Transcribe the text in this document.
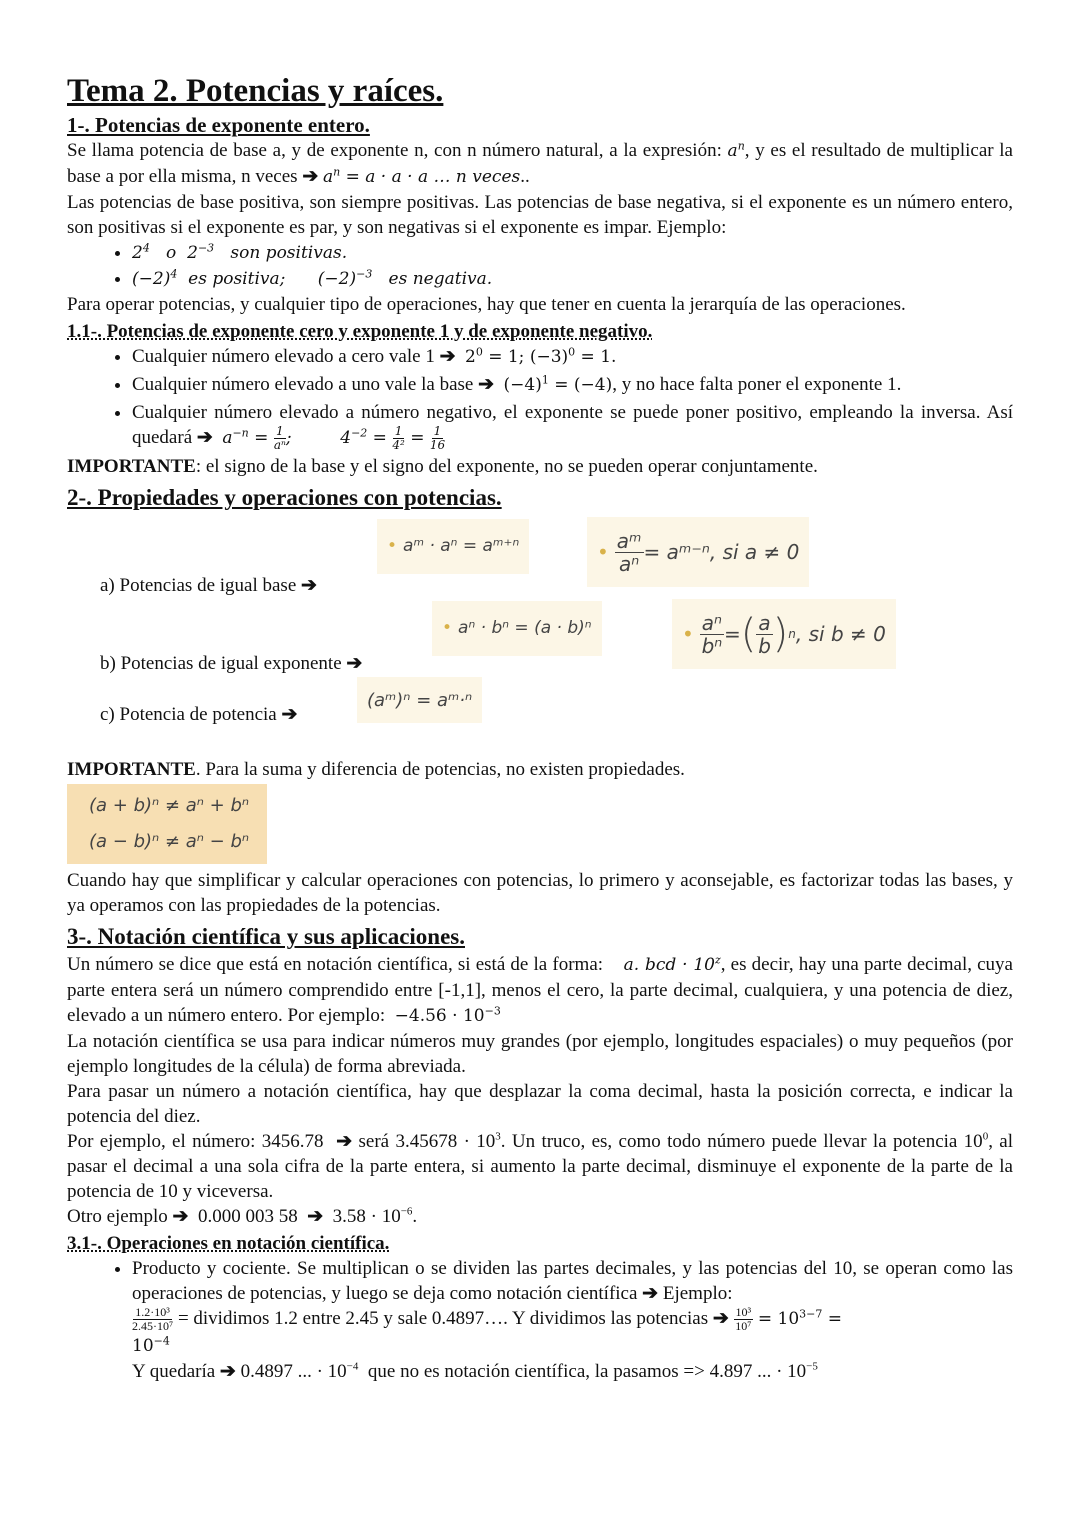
Tema 2. Potencias y raíces.
1-. Potencias de exponente entero.
Se llama potencia de base a, y de exponente n, con n número natural, a la expresión: $a^n$, y es el resultado de multiplicar la base a por ella misma, n veces ➔ $a^n = a \cdot a \cdot a$ … n veces..
Las potencias de base positiva, son siempre positivas. Las potencias de base negativa, si el exponente es un número entero, son positivas si el exponente es par, y son negativas si el exponente es impar. Ejemplo:
• $2^4$ o $2^{-3}$ son positivas.
• $(-2)^4$ es positiva; $(-2)^{-3}$ es negativa.
Para operar potencias, y cualquier tipo de operaciones, hay que tener en cuenta la jerarquía de las operaciones.
1.1-. Potencias de exponente cero y exponente 1 y de exponente negativo.
• Cualquier número elevado a cero vale 1 ➔ $2^0 = 1$; $(-3)^0 = 1$.
• Cualquier número elevado a uno vale la base ➔ $(-4)^1 = (-4)$, y no hace falta poner el exponente 1.
• Cualquier número elevado a número negativo, el exponente se puede poner positivo, empleando la inversa. Así quedará ➔ $a^{-n} = \frac{1}{\text{aⁿ}}$ ;         $4^{-2} = \frac{1}{\text{4²}} = \frac{1}{16}$
IMPORTANTE: el signo de la base y el signo del exponente, no se pueden operar conjuntamente.
2-. Propiedades y operaciones con potencias.
a) Potencias de igual base ➔
b) Potencias de igual exponente ➔
c) Potencia de potencia ➔
• aᵐ · aⁿ = aᵐ⁺ⁿ	• $\frac{\text{aᵐ}}{\text{aⁿ}}$ = aᵐ⁻ⁿ, si a ≠ 0
• aⁿ · bⁿ = (a · b)ⁿ	• $\frac{\text{aⁿ}}{\text{bⁿ}}$ = ( $\frac{a}{b}$ ) n , si b ≠ 0
(aᵐ)ⁿ = aᵐ·ⁿ
IMPORTANTE. Para la suma y diferencia de potencias, no existen propiedades.
(a + b)ⁿ ≠ aⁿ + bⁿ
(a − b)ⁿ ≠ aⁿ − bⁿ
Cuando hay que simplificar y calcular operaciones con potencias, lo primero y aconsejable, es factorizar todas las bases, y ya operamos con las propiedades de la potencias.
3-. Notación científica y sus aplicaciones.
Un número se dice que está en notación científica, si está de la forma: a. bcd · $10^z$, es decir, hay una parte decimal, cuya parte entera será un número comprendido entre [-1,1], menos el cero, la parte decimal, cualquiera, y una potencia de diez, elevado a un número entero. Por ejemplo: $-4.56 \cdot 10^{-3}$
La notación científica se usa para indicar números muy grandes (por ejemplo, longitudes espaciales) o muy pequeños (por ejemplo longitudes de la célula) de forma abreviada.
Para pasar un número a notación científica, hay que desplazar la coma decimal, hasta la posición correcta, e indicar la potencia del diez.
Por ejemplo, el número: 3456.78 ➔ será $3.45678 \cdot 10^3$. Un truco, es, como todo número puede llevar la potencia $10^0$, al pasar el decimal a una sola cifra de la parte entera, si aumento la parte decimal, disminuye el exponente de la parte de la potencia de 10 y viceversa.
Otro ejemplo ➔ 0.000 003 58 ➔ $3.58 \cdot 10^{-6}$.
3.1-. Operaciones en notación científica.
• Producto y cociente. Se multiplican o se dividen las partes decimales, y las potencias del 10, se operan como las operaciones de potencias, y luego se deja como notación científica ➔ Ejemplo:

$\frac{\text{1.2·10³}}{\text{2.45·10⁷}}$ = dividimos 1.2 entre 2.45 y sale 0.4897…. Y dividimos las potencias ➔ $\frac{\text{10³}}{\text{10⁷}} = 10^{3-7}$ =
$10^{-4}$
Y quedaría ➔ 0.4897 ... · $10^{-4}$ que no es notación científica, la pasamos => 4.897 ... · $10^{-5}$
